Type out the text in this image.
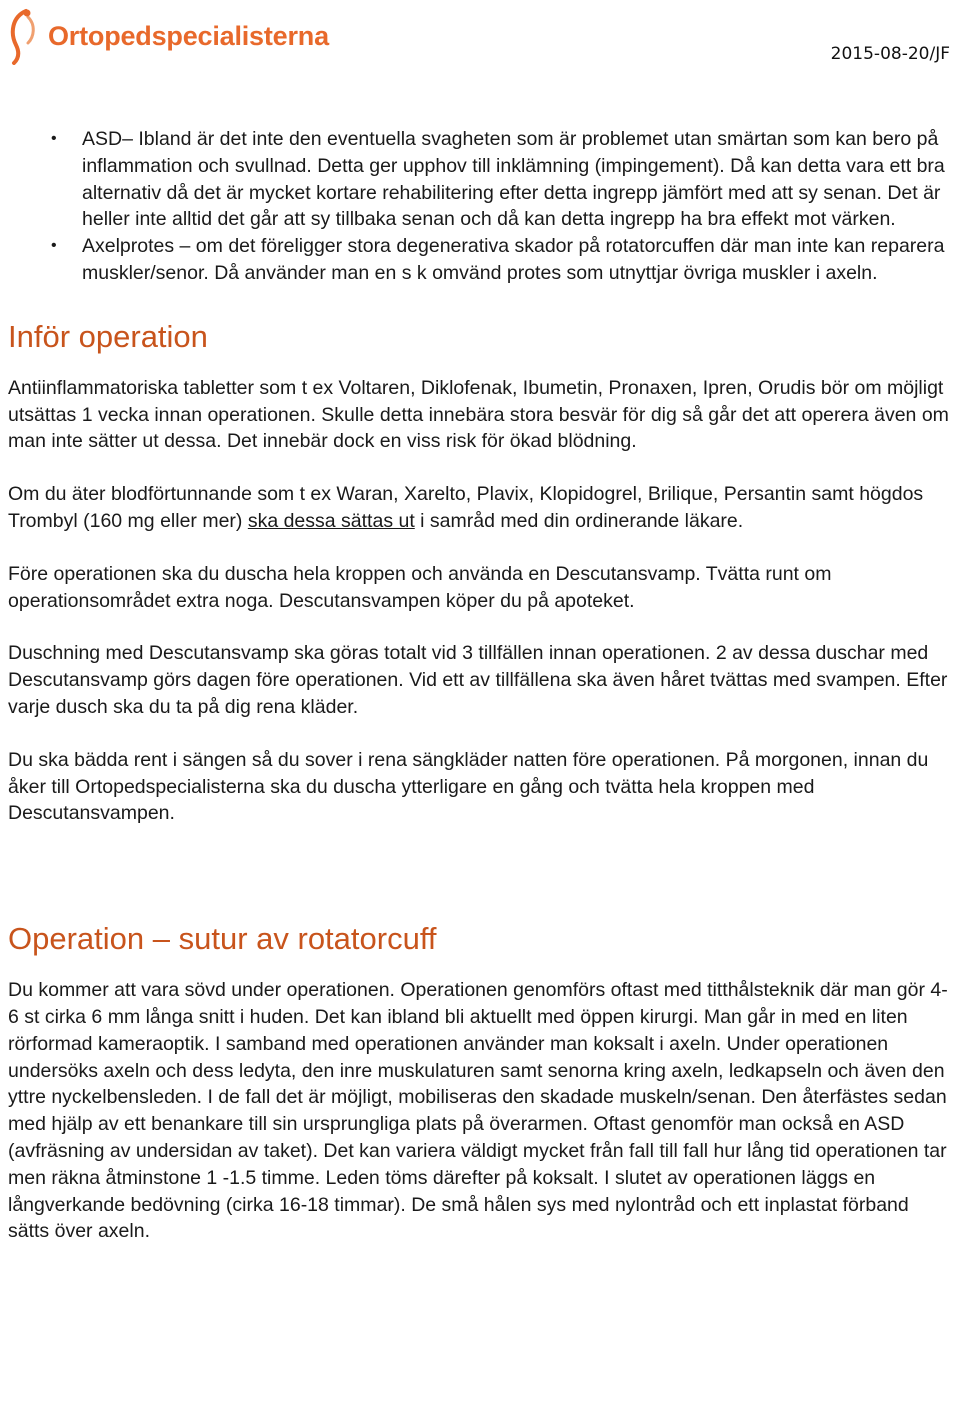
Ortopedspecialisterna
2015-08-20/JF
• ASD– Ibland är det inte den eventuella svagheten som är problemet utan smärtan som kan bero på inflammation och svullnad. Detta ger upphov till inklämning (impingement). Då kan detta vara ett bra alternativ då det är mycket kortare rehabilitering efter detta ingrepp jämfört med att sy senan. Det är heller inte alltid det går att sy tillbaka senan och då kan detta ingrepp ha bra effekt mot värken.
• Axelprotes – om det föreligger stora degenerativa skador på rotatorcuffen där man inte kan reparera muskler/senor. Då använder man en s k omvänd protes som utnyttjar övriga muskler i axeln.
Inför operation

Antiinflammatoriska tabletter som t ex Voltaren, Diklofenak, Ibumetin, Pronaxen, Ipren, Orudis bör om möjligt utsättas 1 vecka innan operationen. Skulle detta innebära stora besvär för dig så går det att operera även om man inte sätter ut dessa. Det innebär dock en viss risk för ökad blödning.

Om du äter blodförtunnande som t ex Waran, Xarelto, Plavix, Klopidogrel, Brilique, Persantin samt högdos Trombyl (160 mg eller mer) ska dessa sättas ut i samråd med din ordinerande läkare.

Före operationen ska du duscha hela kroppen och använda en Descutansvamp. Tvätta runt om operationsområdet extra noga. Descutansvampen köper du på apoteket.

Duschning med Descutansvamp ska göras totalt vid 3 tillfällen innan operationen. 2 av dessa duschar med Descutansvamp görs dagen före operationen. Vid ett av tillfällena ska även håret tvättas med svampen. Efter varje dusch ska du ta på dig rena kläder.

Du ska bädda rent i sängen så du sover i rena sängkläder natten före operationen. På morgonen, innan du åker till Ortopedspecialisterna ska du duscha ytterligare en gång och tvätta hela kroppen med Descutansvampen.

Operation – sutur av rotatorcuff

Du kommer att vara sövd under operationen. Operationen genomförs oftast med titthålsteknik där man gör 4-6 st cirka 6 mm långa snitt i huden. Det kan ibland bli aktuellt med öppen kirurgi. Man går in med en liten rörformad kameraoptik. I samband med operationen använder man koksalt i axeln. Under operationen undersöks axeln och dess ledyta, den inre muskulaturen samt senorna kring axeln, ledkapseln och även den yttre nyckelbensleden. I de fall det är möjligt, mobiliseras den skadade muskeln/senan. Den återfästes sedan med hjälp av ett benankare till sin ursprungliga plats på överarmen. Oftast genomför man också en ASD (avfräsning av undersidan av taket). Det kan variera väldigt mycket från fall till fall hur lång tid operationen tar men räkna åtminstone 1 -1.5 timme. Leden töms därefter på koksalt. I slutet av operationen läggs en långverkande bedövning (cirka 16-18 timmar). De små hålen sys med nylontråd och ett inplastat förband sätts över axeln.
